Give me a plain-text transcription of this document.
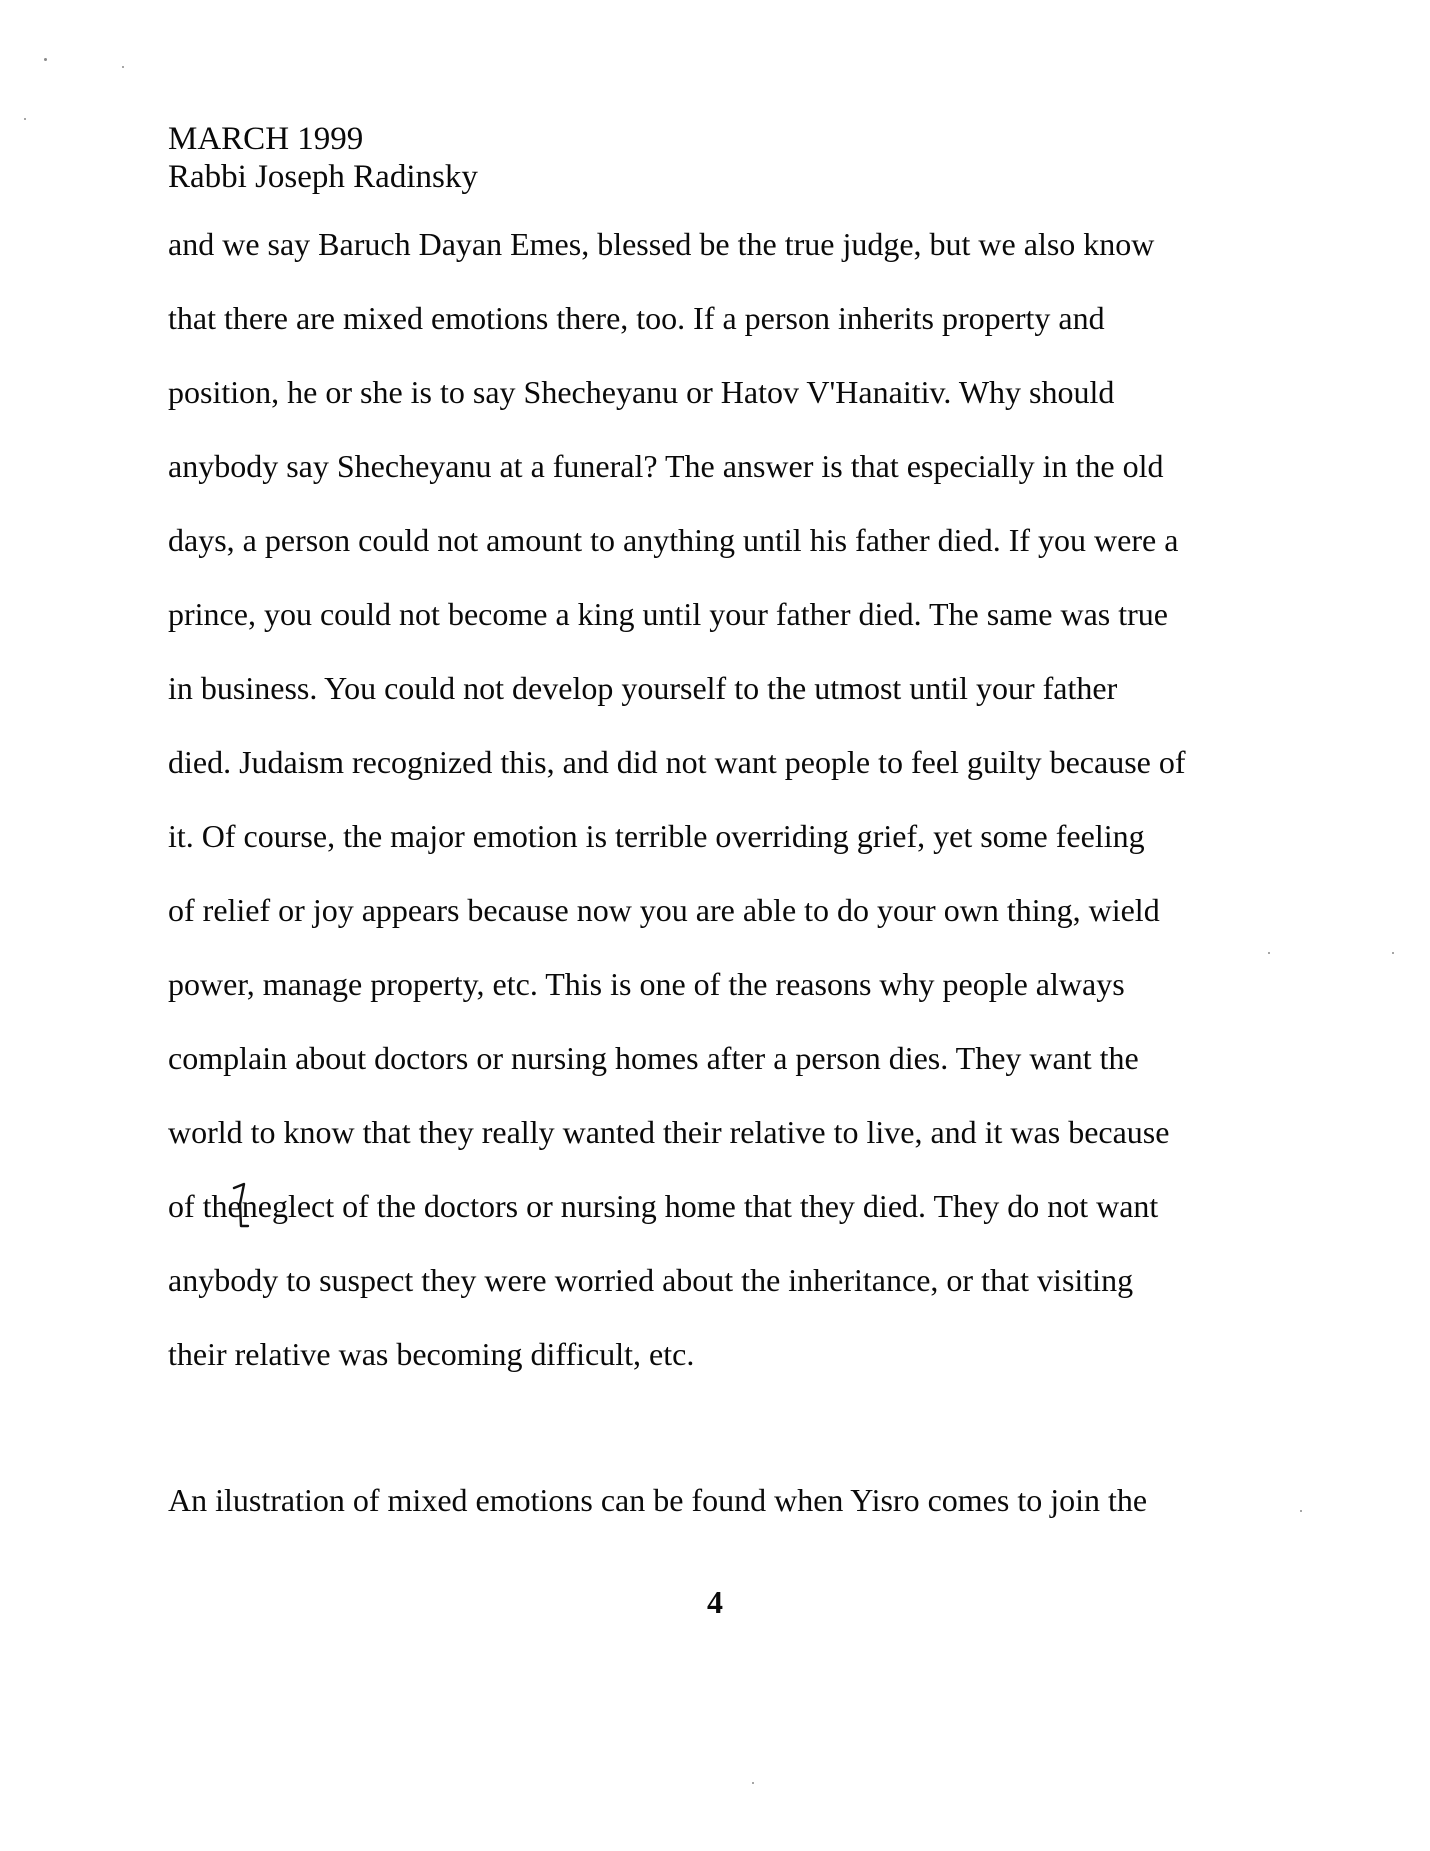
MARCH 1999
Rabbi Joseph Radinsky
and we say Baruch Dayan Emes, blessed be the true judge, but we also know
that there are mixed emotions there, too. If a person inherits property and
position, he or she is to say Shecheyanu or Hatov V'Hanaitiv. Why should
anybody say Shecheyanu at a funeral? The answer is that especially in the old
days, a person could not amount to anything until his father died. If you were a
prince, you could not become a king until your father died. The same was true
in business. You could not develop yourself to the utmost until your father
died. Judaism recognized this, and did not want people to feel guilty because of
it. Of course, the major emotion is terrible overriding grief, yet some feeling
of relief or joy appears because now you are able to do your own thing, wield
power, manage property, etc. This is one of the reasons why people always
complain about doctors or nursing homes after a person dies. They want the
world to know that they really wanted their relative to live, and it was because
of theneglect of the doctors or nursing home that they died. They do not want
anybody to suspect they were worried about the inheritance, or that visiting
their relative was becoming difficult, etc.
An ilustration of mixed emotions can be found when Yisro comes to join the
4
